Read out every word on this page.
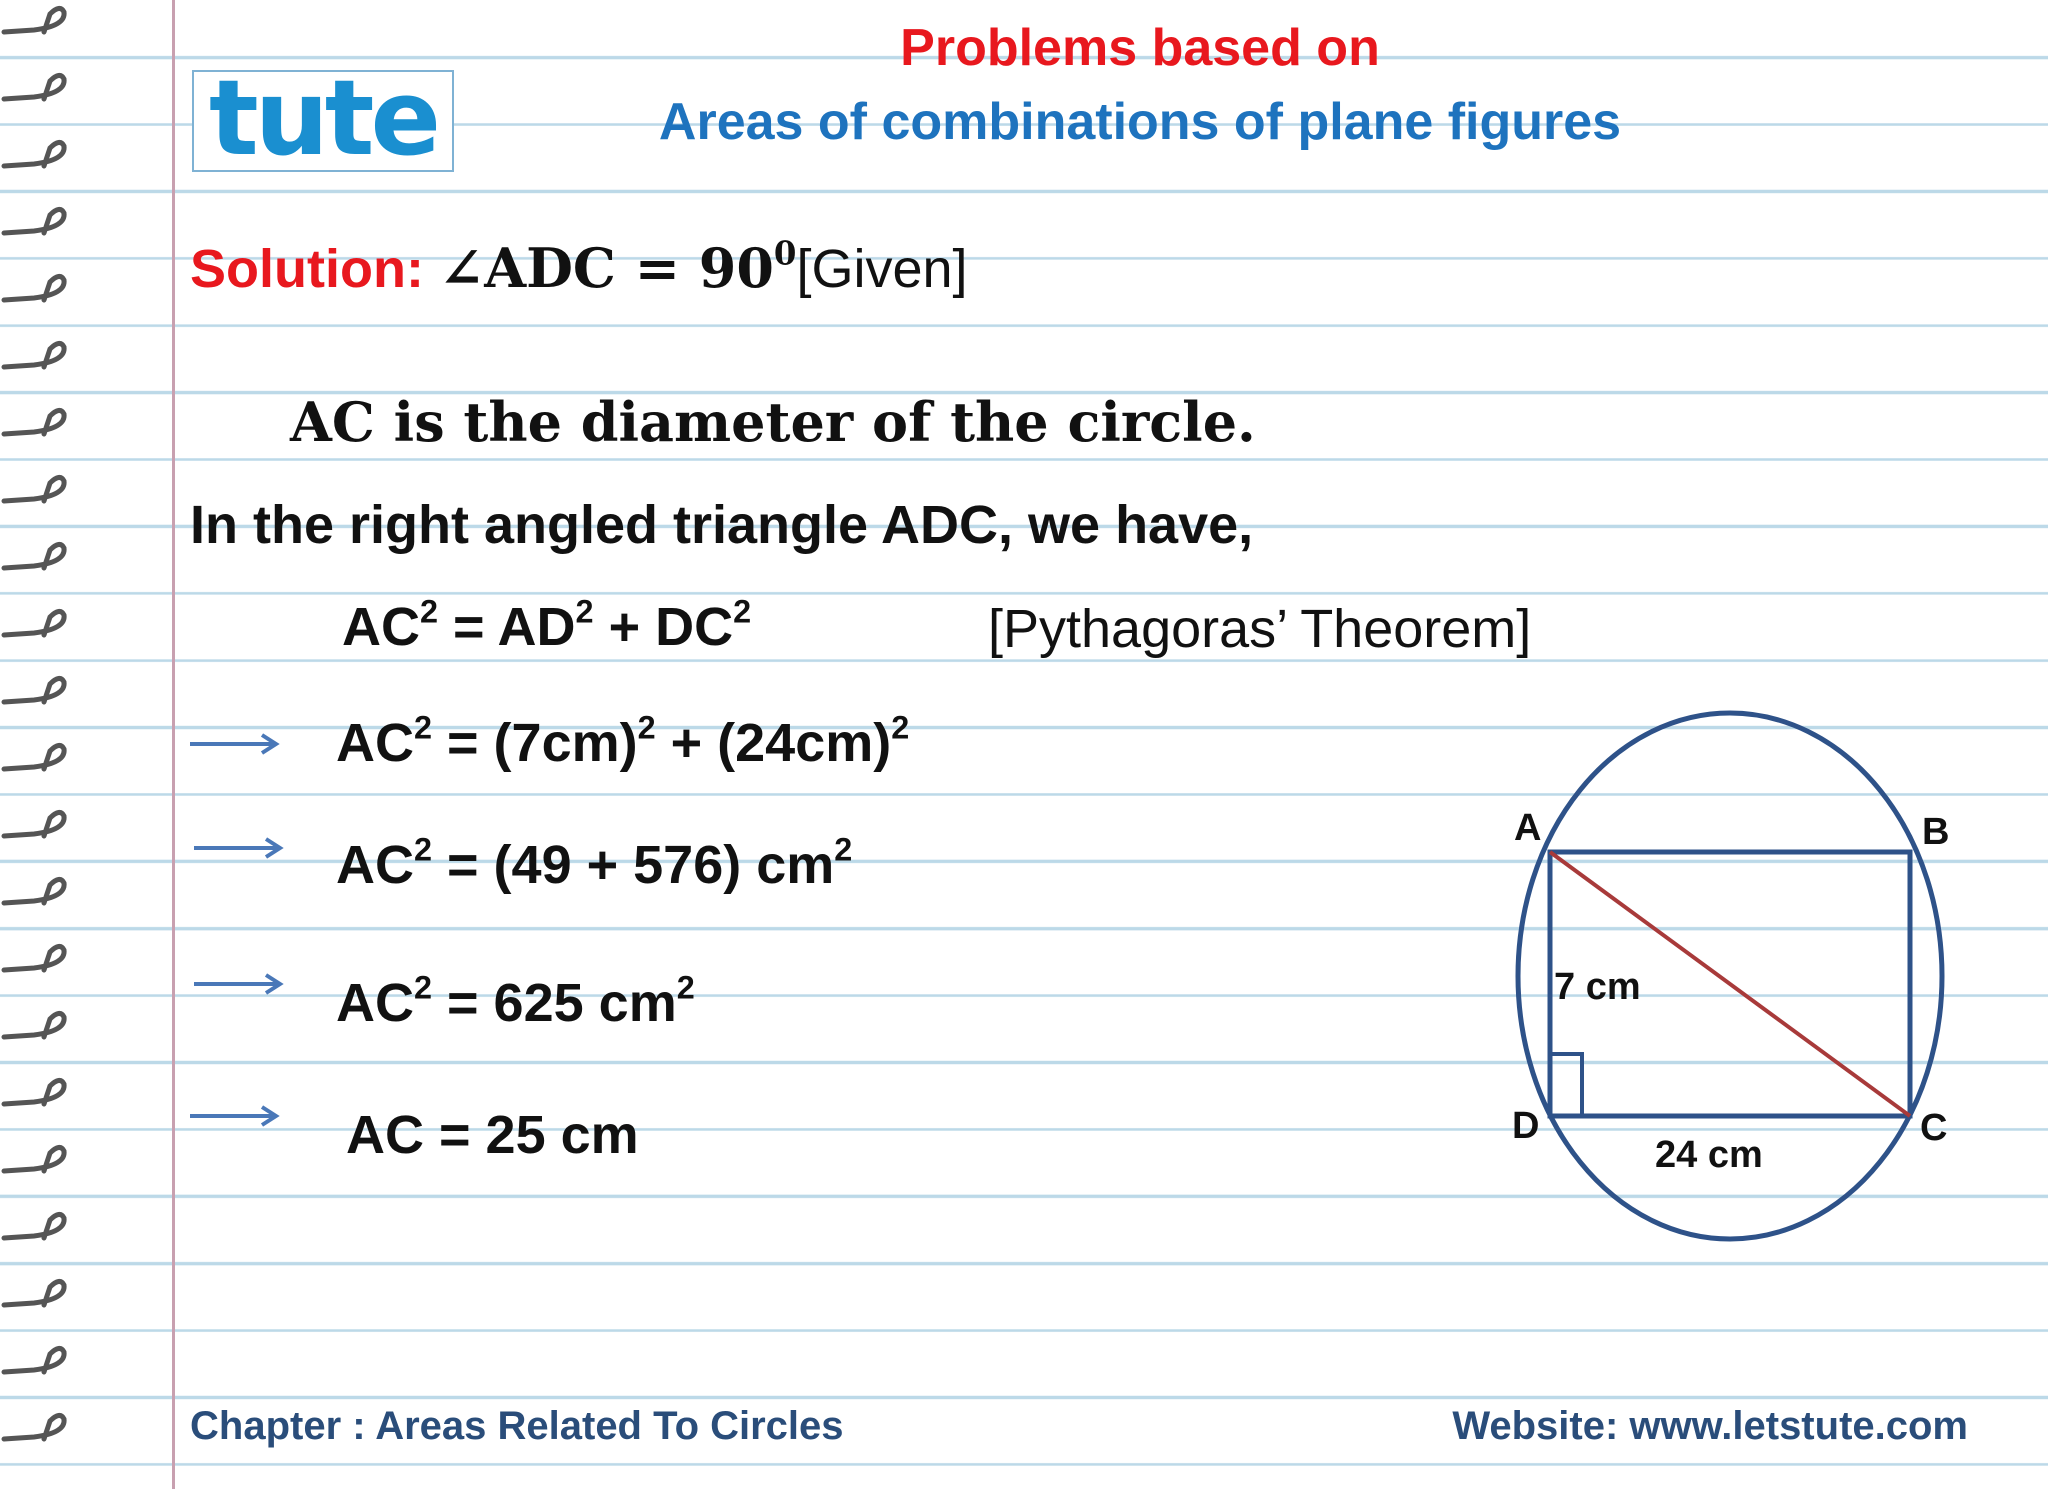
tute
Problems based on
Areas of combinations of plane figures
Solution: ∠ADC = $90^0[Given]$
AC is the diameter of the circle.
In the right angled triangle ADC, we have,
$AC^2 = AD^2 + DC^2$	[Pythagoras’ Theorem]
$AC^2 = (7cm)^2 + (24cm)^2$
$AC^2 = (49 + 576)$ $cm^2$
$AC^2 = 625$ $cm^2$
AC = 25 cm
A	B
C
D
7 cm
24 cm
Chapter : Areas Related To Circles	Website: www.letstute.com
